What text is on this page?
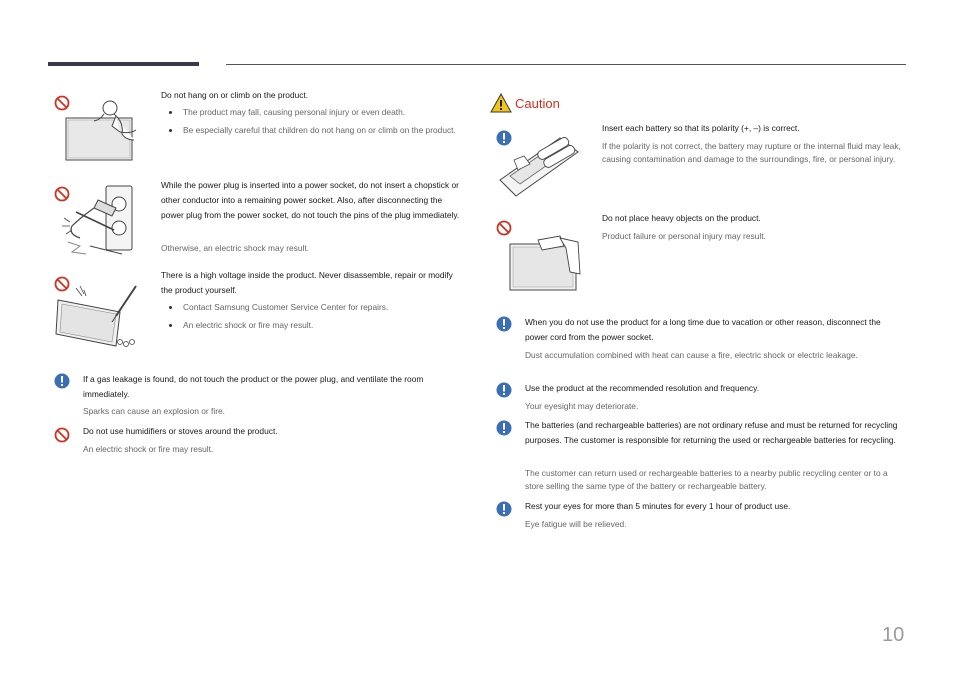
Do not hang on or climb on the product.
The product may fall, causing personal injury or even death.
Be especially careful that children do not hang on or climb on the product.
While the power plug is inserted into a power socket, do not insert a chopstick or other conductor into a remaining power socket. Also, after disconnecting the power plug from the power socket, do not touch the pins of the plug immediately.
Otherwise, an electric shock may result.
There is a high voltage inside the product. Never disassemble, repair or modify the product yourself.
Contact Samsung Customer Service Center for repairs.
An electric shock or fire may result.
If a gas leakage is found, do not touch the product or the power plug, and ventilate the room immediately.
Sparks can cause an explosion or fire.
Do not use humidifiers or stoves around the product.
An electric shock or fire may result.
Caution
Insert each battery so that its polarity (+, –) is correct.
If the polarity is not correct, the battery may rupture or the internal fluid may leak, causing contamination and damage to the surroundings, fire, or personal injury.
Do not place heavy objects on the product.
Product failure or personal injury may result.
When you do not use the product for a long time due to vacation or other reason, disconnect the power cord from the power socket.
Dust accumulation combined with heat can cause a fire, electric shock or electric leakage.
Use the product at the recommended resolution and frequency.
Your eyesight may deteriorate.
The batteries (and rechargeable batteries) are not ordinary refuse and must be returned for recycling purposes. The customer is responsible for returning the used or rechargeable batteries for recycling.
The customer can return used or rechargeable batteries to a nearby public recycling center or to a store selling the same type of the battery or rechargeable battery.
Rest your eyes for more than 5 minutes for every 1 hour of product use.
Eye fatigue will be relieved.
10
